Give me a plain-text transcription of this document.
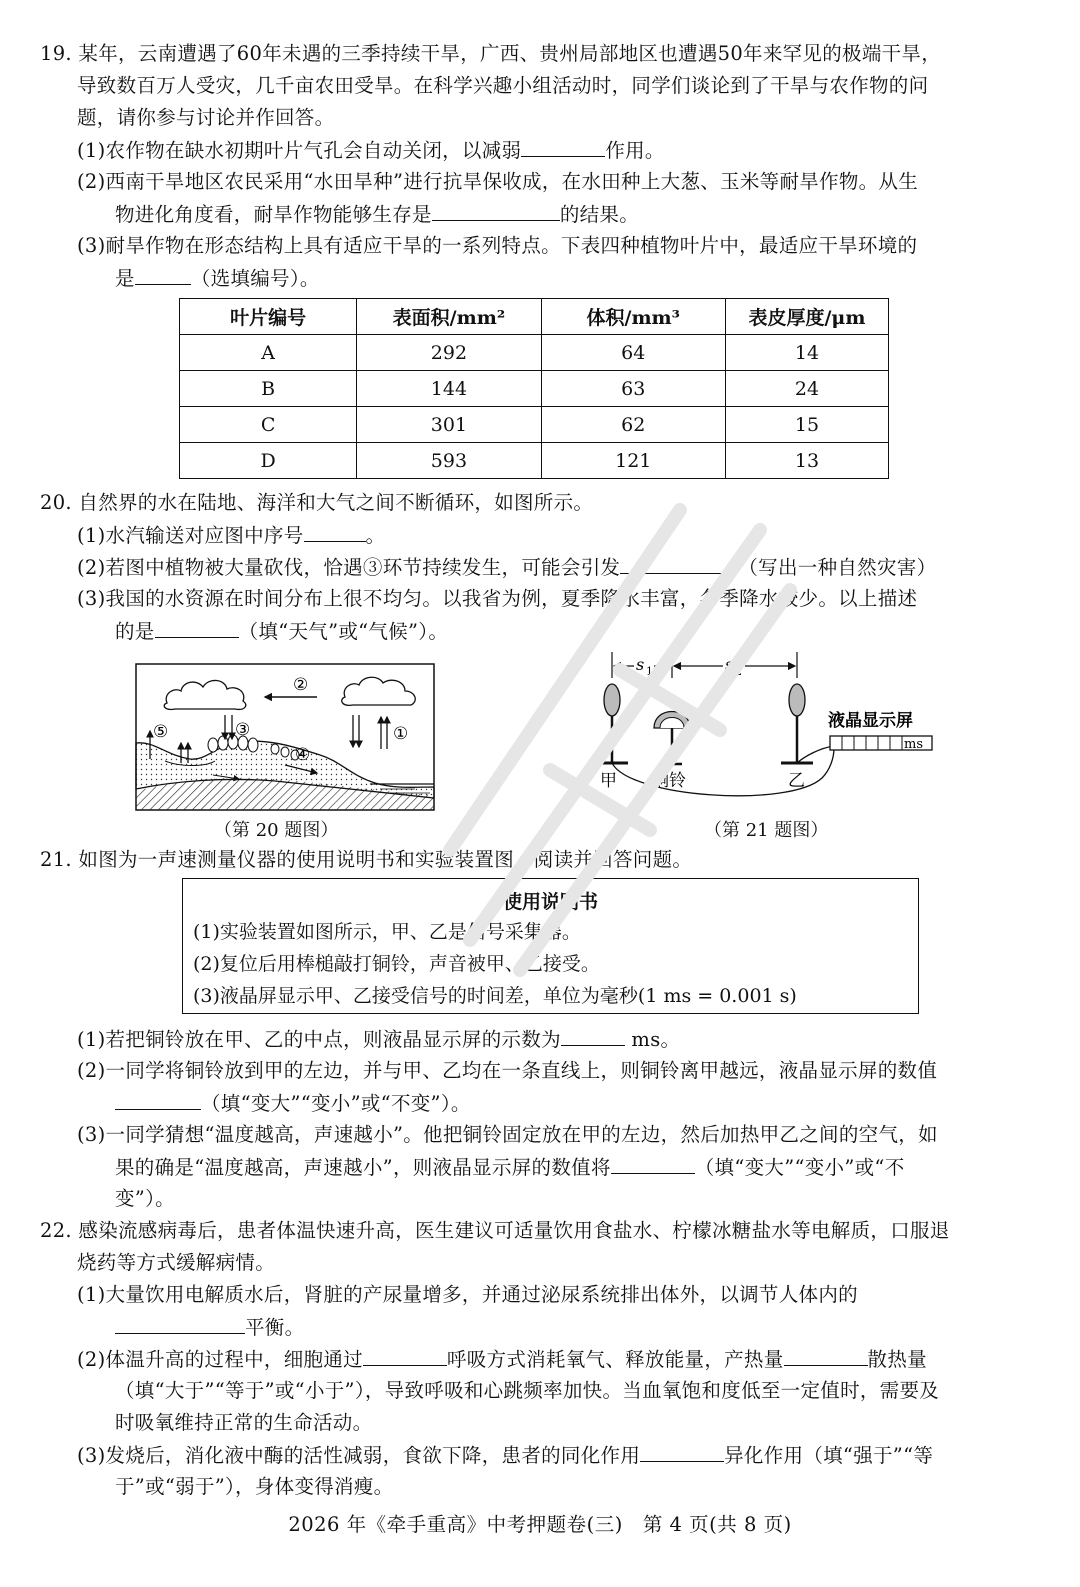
19. 某年，云南遭遇了60年未遇的三季持续干旱，广西、贵州局部地区也遭遇50年来罕见的极端干旱，
导致数百万人受灾，几千亩农田受旱。在科学兴趣小组活动时，同学们谈论到了干旱与农作物的问
题，请你参与讨论并作回答。
(1)农作物在缺水初期叶片气孔会自动关闭，以减弱	作用。
(2)西南干旱地区农民采用“水田旱种”进行抗旱保收成，在水田种上大葱、玉米等耐旱作物。从生
物进化角度看，耐旱作物能够生存是	的结果。
(3)耐旱作物在形态结构上具有适应干旱的一系列特点。下表四种植物叶片中，最适应干旱环境的
是	（选填编号）。
叶片编号	表面积/mm²	体积/mm³	表皮厚度/μm
A	292	64	14
B	144	63	24
C	301	62	15
D	593	121	13
20. 自然界的水在陆地、海洋和大气之间不断循环，如图所示。
(1)水汽输送对应图中序号	。
(2)若图中植物被大量砍伐，恰遇③环节持续发生，可能会引发	。（写出一种自然灾害）
(3)我国的水资源在时间分布上很不均匀。以我省为例，夏季降水丰富，冬季降水较少。以上描述
的是	（填“天气”或“气候”）。
②
⑤	③	①
④
（第 20 题图）
s 1	s 2
ms
液晶显示屏
甲 铜铃	乙
（第 21 题图）
21. 如图为一声速测量仪器的使用说明书和实验装置图，阅读并回答问题。
使用说明书
(1)实验装置如图所示，甲、乙是信号采集器。
(2)复位后用棒槌敲打铜铃，声音被甲、乙接受。
(3)液晶屏显示甲、乙接受信号的时间差，单位为毫秒(1 ms = 0.001 s)
(1)若把铜铃放在甲、乙的中点，则液晶显示屏的示数为	ms。
(2)一同学将铜铃放到甲的左边，并与甲、乙均在一条直线上，则铜铃离甲越远，液晶显示屏的数值
（填“变大”“变小”或“不变”）。
(3)一同学猜想“温度越高，声速越小”。他把铜铃固定放在甲的左边，然后加热甲乙之间的空气，如
果的确是“温度越高，声速越小”，则液晶显示屏的数值将	（填“变大”“变小”或“不
变”）。
22. 感染流感病毒后，患者体温快速升高，医生建议可适量饮用食盐水、柠檬冰糖盐水等电解质，口服退
烧药等方式缓解病情。
(1)大量饮用电解质水后，肾脏的产尿量增多，并通过泌尿系统排出体外，以调节人体内的
平衡。
(2)体温升高的过程中，细胞通过	呼吸方式消耗氧气、释放能量，产热量	散热量
（填“大于”“等于”或“小于”），导致呼吸和心跳频率加快。当血氧饱和度低至一定值时，需要及
时吸氧维持正常的生命活动。
(3)发烧后，消化液中酶的活性减弱，食欲下降，患者的同化作用	异化作用（填“强于”“等
于”或“弱于”），身体变得消瘦。
2026 年《牵手重高》中考押题卷(三)　第 4 页(共 8 页)
